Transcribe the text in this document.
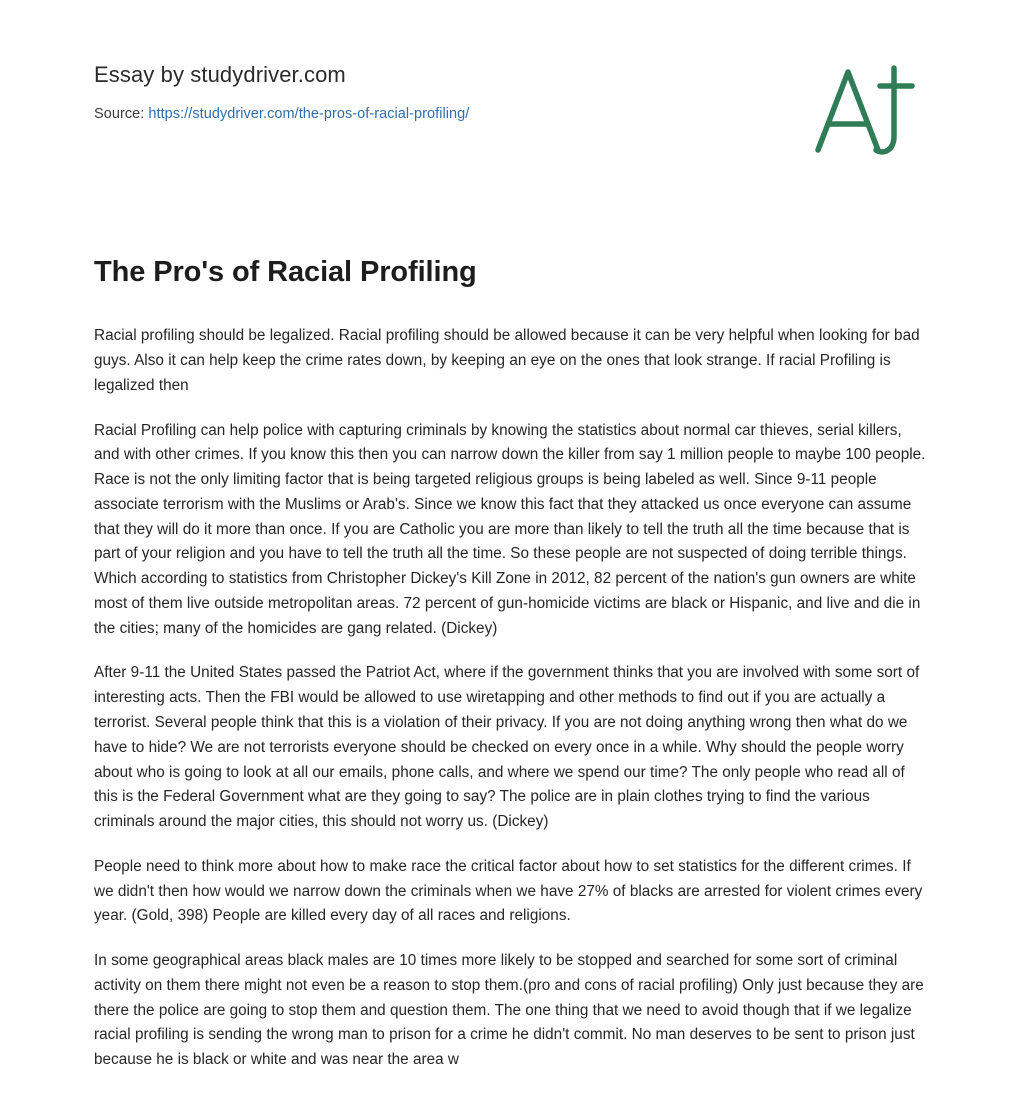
Essay by studydriver.com
Source: https://studydriver.com/the-pros-of-racial-profiling/
The Pro's of Racial Profiling

Racial profiling should be legalized. Racial profiling should be allowed because it can be very helpful when looking for bad guys. Also it can help keep the crime rates down, by keeping an eye on the ones that look strange. If racial Profiling is legalized then

Racial Profiling can help police with capturing criminals by knowing the statistics about normal car thieves, serial killers, and with other crimes. If you know this then you can narrow down the killer from say 1 million people to maybe 100 people. Race is not the only limiting factor that is being targeted religious groups is being labeled as well. Since 9-11 people associate terrorism with the Muslims or Arab's. Since we know this fact that they attacked us once everyone can assume that they will do it more than once. If you are Catholic you are more than likely to tell the truth all the time because that is part of your religion and you have to tell the truth all the time. So these people are not suspected of doing terrible things. Which according to statistics from Christopher Dickey's Kill Zone in 2012, 82 percent of the nation's gun owners are white most of them live outside metropolitan areas. 72 percent of gun-homicide victims are black or Hispanic, and live and die in the cities; many of the homicides are gang related. (Dickey)

After 9-11 the United States passed the Patriot Act, where if the government thinks that you are involved with some sort of interesting acts. Then the FBI would be allowed to use wiretapping and other methods to find out if you are actually a terrorist. Several people think that this is a violation of their privacy. If you are not doing anything wrong then what do we have to hide? We are not terrorists everyone should be checked on every once in a while. Why should the people worry about who is going to look at all our emails, phone calls, and where we spend our time? The only people who read all of this is the Federal Government what are they going to say? The police are in plain clothes trying to find the various criminals around the major cities, this should not worry us. (Dickey)

People need to think more about how to make race the critical factor about how to set statistics for the different crimes. If we didn't then how would we narrow down the criminals when we have 27% of blacks are arrested for violent crimes every year. (Gold, 398) People are killed every day of all races and religions.

In some geographical areas black males are 10 times more likely to be stopped and searched for some sort of criminal activity on them there might not even be a reason to stop them.(pro and cons of racial profiling) Only just because they are there the police are going to stop them and question them. The one thing that we need to avoid though that if we legalize racial profiling is sending the wrong man to prison for a crime he didn't commit. No man deserves to be sent to prison just because he is black or white and was near the area w
